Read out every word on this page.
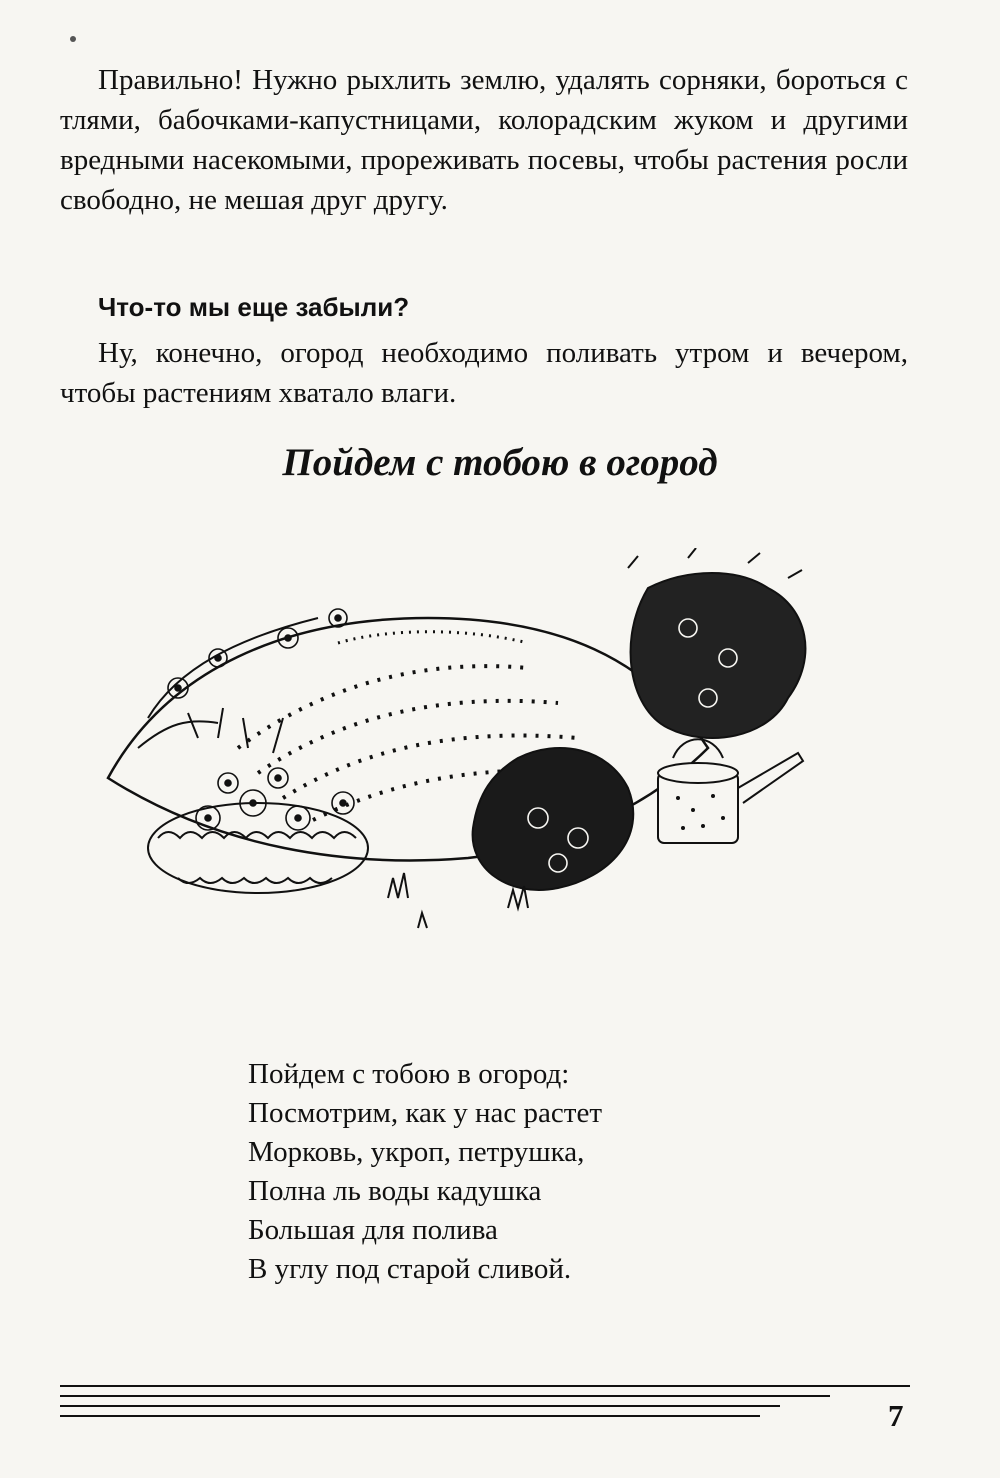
Правильно! Нужно рыхлить землю, удалять сорняки, бороться с тлями, бабочками-капустницами, колорадским жуком и другими вредными насекомыми, прореживать посевы, чтобы растения росли свободно, не мешая друг другу.

Что-то мы еще забыли?

Ну, конечно, огород необходимо поливать утром и вечером, чтобы растениям хватало влаги.

Пойдем с тобою в огород
Пойдем с тобою в огород:
Посмотрим, как у нас растет
Морковь, укроп, петрушка,
Полна ль воды кадушка
Большая для полива
В углу под старой сливой.
7
